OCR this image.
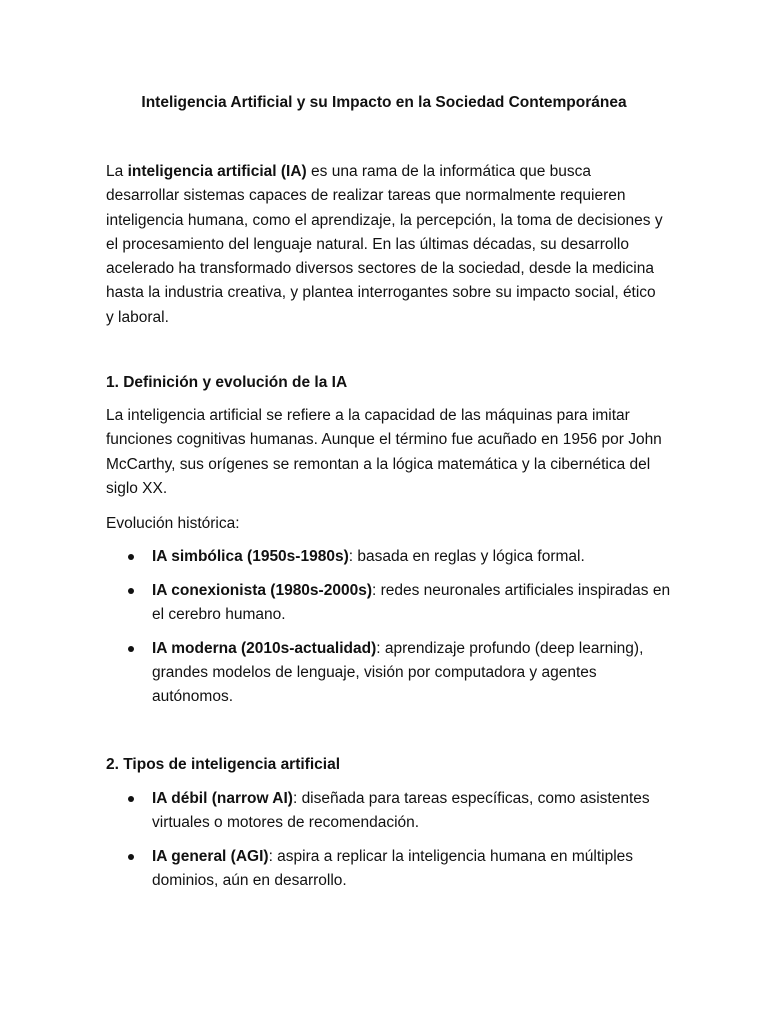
Inteligencia Artificial y su Impacto en la Sociedad Contemporánea

La inteligencia artificial (IA) es una rama de la informática que busca desarrollar sistemas capaces de realizar tareas que normalmente requieren inteligencia humana, como el aprendizaje, la percepción, la toma de decisiones y el procesamiento del lenguaje natural. En las últimas décadas, su desarrollo acelerado ha transformado diversos sectores de la sociedad, desde la medicina hasta la industria creativa, y plantea interrogantes sobre su impacto social, ético y laboral.

1. Definición y evolución de la IA

La inteligencia artificial se refiere a la capacidad de las máquinas para imitar funciones cognitivas humanas. Aunque el término fue acuñado en 1956 por John McCarthy, sus orígenes se remontan a la lógica matemática y la cibernética del siglo XX.

Evolución histórica:

IA simbólica (1950s-1980s): basada en reglas y lógica formal.
IA conexionista (1980s-2000s): redes neuronales artificiales inspiradas en el cerebro humano.
IA moderna (2010s-actualidad): aprendizaje profundo (deep learning), grandes modelos de lenguaje, visión por computadora y agentes autónomos.

2. Tipos de inteligencia artificial

IA débil (narrow AI): diseñada para tareas específicas, como asistentes virtuales o motores de recomendación.
IA general (AGI): aspira a replicar la inteligencia humana en múltiples dominios, aún en desarrollo.
